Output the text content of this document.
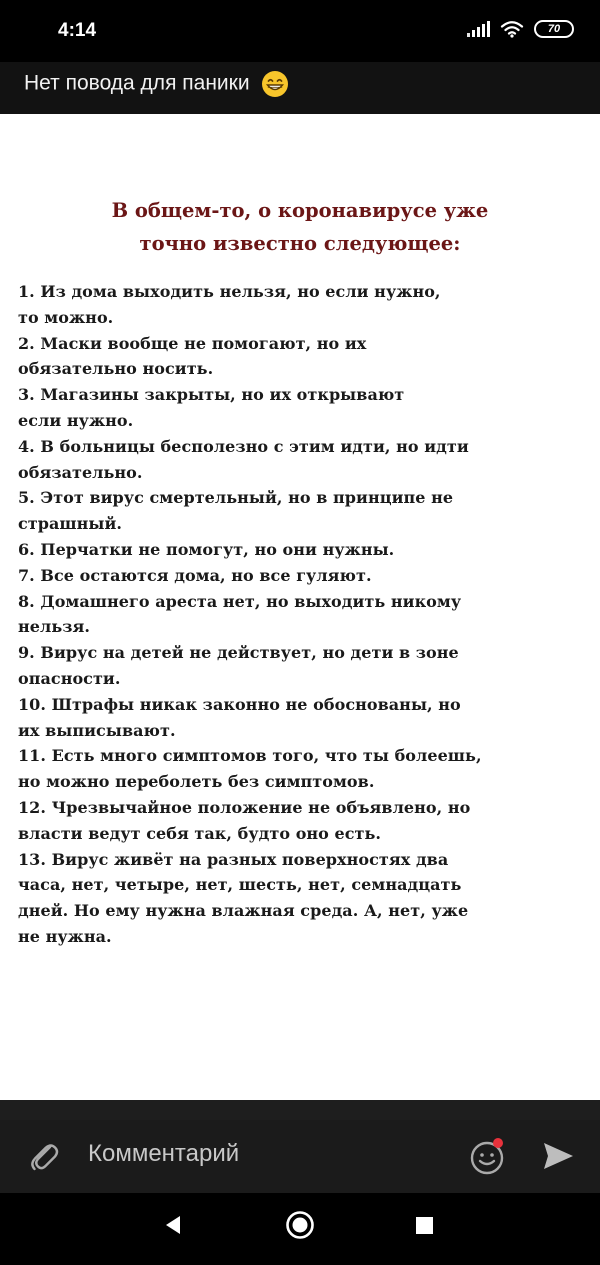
4:14	70
Нет повода для паники
В общем-то, о коронавирусе уже
точно известно следующее:
1. Из дома выходить нельзя, но если нужно,
то можно.
2. Маски вообще не помогают, но их
обязательно носить.
3. Магазины закрыты, но их открывают
если нужно.
4. В больницы бесполезно с этим идти, но идти
обязательно.
5. Этот вирус смертельный, но в принципе не
страшный.
6. Перчатки не помогут, но они нужны.
7. Все остаются дома, но все гуляют.
8. Домашнего ареста нет, но выходить никому
нельзя.
9. Вирус на детей не действует, но дети в зоне
опасности.
10. Штрафы никак законно не обоснованы, но
их выписывают.
11. Есть много симптомов того, что ты болеешь,
но можно переболеть без симптомов.
12. Чрезвычайное положение не объявлено, но
власти ведут себя так, будто оно есть.
13. Вирус живёт на разных поверхностях два
часа, нет, четыре, нет, шесть, нет, семнадцать
дней. Но ему нужна влажная среда. А, нет, уже
не нужна.
Комментарий
